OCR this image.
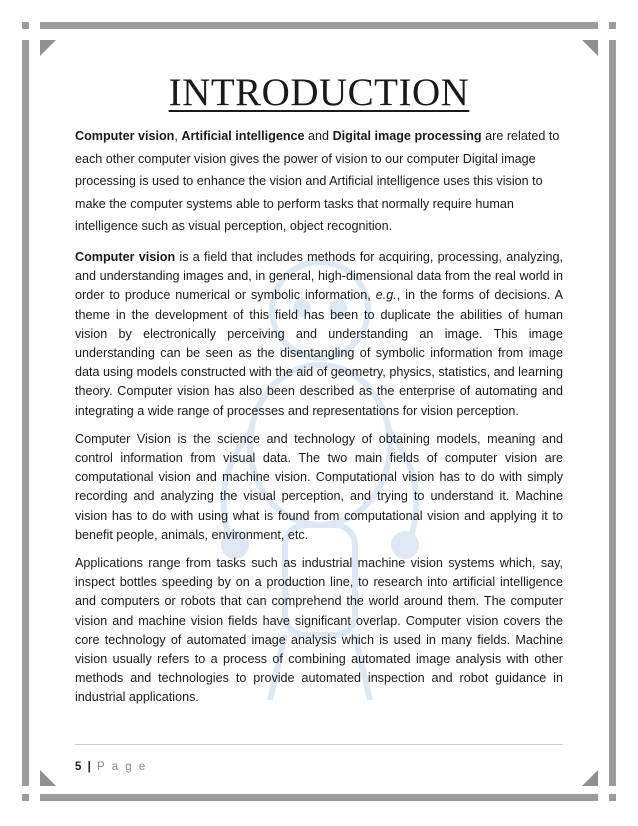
INTRODUCTION

Computer vision, Artificial intelligence and Digital image processing are related to each other computer vision gives the power of vision to our computer Digital image processing is used to enhance the vision and Artificial intelligence uses this vision to make the computer systems able to perform tasks that normally require human intelligence such as visual perception, object recognition.

Computer vision is a field that includes methods for acquiring, processing, analyzing, and understanding images and, in general, high-dimensional data from the real world in order to produce numerical or symbolic information, e.g., in the forms of decisions. A theme in the development of this field has been to duplicate the abilities of human vision by electronically perceiving and understanding an image. This image understanding can be seen as the disentangling of symbolic information from image data using models constructed with the aid of geometry, physics, statistics, and learning theory. Computer vision has also been described as the enterprise of automating and integrating a wide range of processes and representations for vision perception.

Computer Vision is the science and technology of obtaining models, meaning and control information from visual data. The two main fields of computer vision are computational vision and machine vision. Computational vision has to do with simply recording and analyzing the visual perception, and trying to understand it. Machine vision has to do with using what is found from computational vision and applying it to benefit people, animals, environment, etc.

Applications range from tasks such as industrial machine vision systems which, say, inspect bottles speeding by on a production line, to research into artificial intelligence and computers or robots that can comprehend the world around them. The computer vision and machine vision fields have significant overlap. Computer vision covers the core technology of automated image analysis which is used in many fields. Machine vision usually refers to a process of combining automated image analysis with other methods and technologies to provide automated inspection and robot guidance in industrial applications.

5 | P a g e
